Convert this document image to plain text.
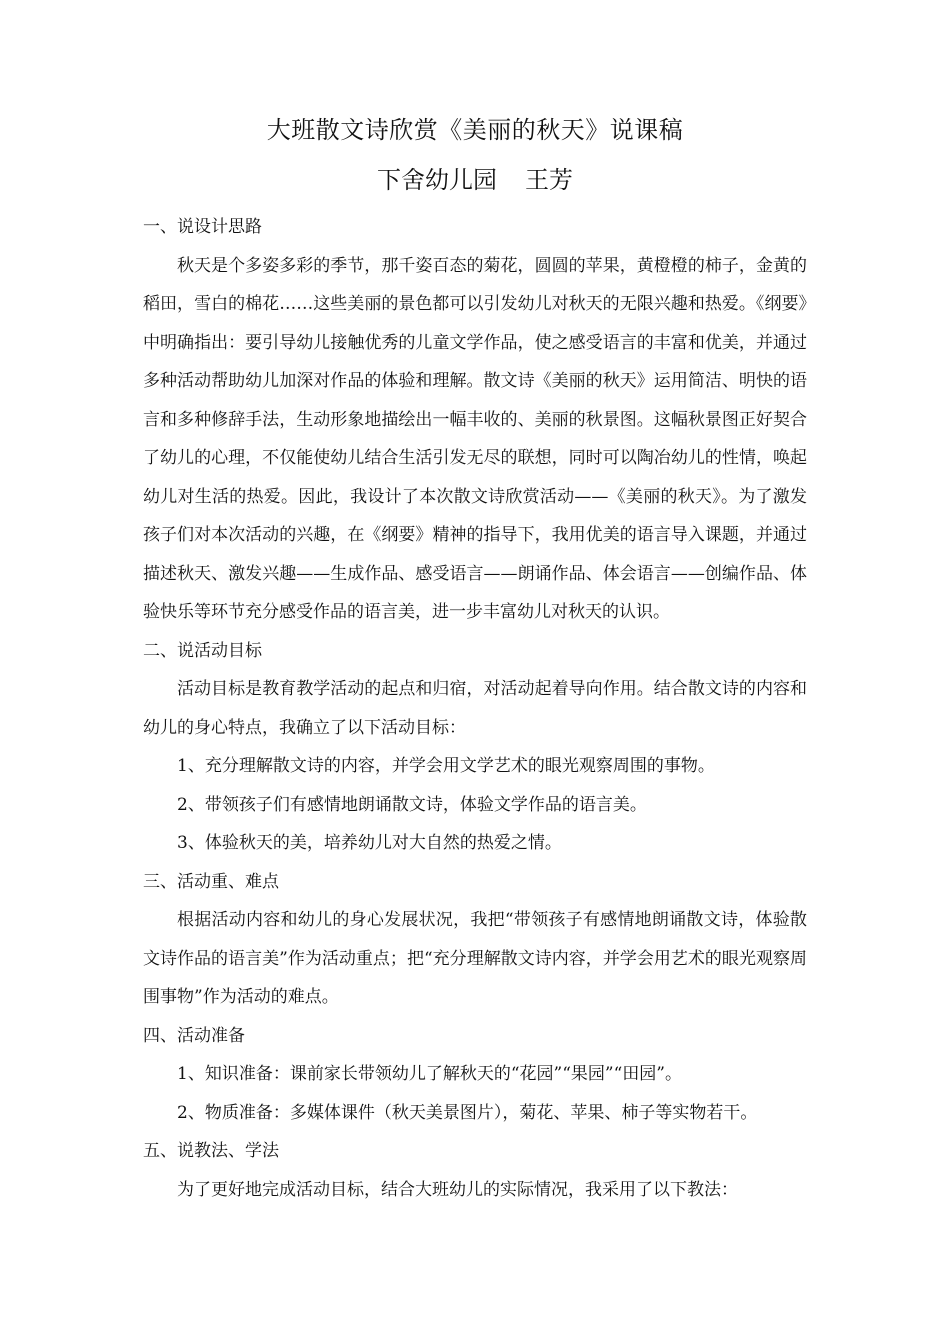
大班散文诗欣赏《美丽的秋天》说课稿
下舍幼儿园 王芳

一、说设计思路

秋天是个多姿多彩的季节，那千姿百态的菊花，圆圆的苹果，黄橙橙的柿子，金黄的稻田，雪白的棉花……这些美丽的景色都可以引发幼儿对秋天的无限兴趣和热爱。《纲要》中明确指出：要引导幼儿接触优秀的儿童文学作品，使之感受语言的丰富和优美，并通过多种活动帮助幼儿加深对作品的体验和理解。散文诗《美丽的秋天》运用简洁、明快的语言和多种修辞手法，生动形象地描绘出一幅丰收的、美丽的秋景图。这幅秋景图正好契合了幼儿的心理，不仅能使幼儿结合生活引发无尽的联想，同时可以陶冶幼儿的性情，唤起幼儿对生活的热爱。因此，我设计了本次散文诗欣赏活动——《美丽的秋天》。为了激发孩子们对本次活动的兴趣，在《纲要》精神的指导下，我用优美的语言导入课题，并通过描述秋天、激发兴趣——生成作品、感受语言——朗诵作品、体会语言——创编作品、体验快乐等环节充分感受作品的语言美，进一步丰富幼儿对秋天的认识。

二、说活动目标

活动目标是教育教学活动的起点和归宿，对活动起着导向作用。结合散文诗的内容和幼儿的身心特点，我确立了以下活动目标：

1、充分理解散文诗的内容，并学会用文学艺术的眼光观察周围的事物。

2、带领孩子们有感情地朗诵散文诗，体验文学作品的语言美。

3、体验秋天的美，培养幼儿对大自然的热爱之情。

三、活动重、难点

根据活动内容和幼儿的身心发展状况，我把“带领孩子有感情地朗诵散文诗，体验散文诗作品的语言美”作为活动重点；把“充分理解散文诗内容，并学会用艺术的眼光观察周围事物”作为活动的难点。

四、活动准备

1、知识准备：课前家长带领幼儿了解秋天的“花园”“果园”“田园”。

2、物质准备：多媒体课件（秋天美景图片），菊花、苹果、柿子等实物若干。

五、说教法、学法

为了更好地完成活动目标，结合大班幼儿的实际情况，我采用了以下教法：
